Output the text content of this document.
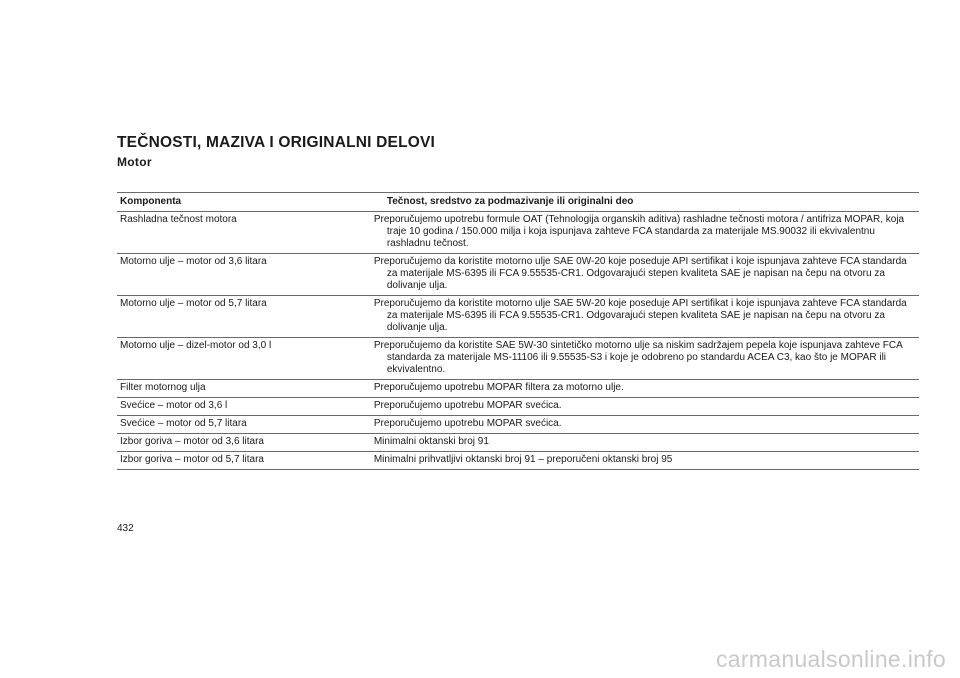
TEČNOSTI, MAZIVA I ORIGINALNI DELOVI
Motor
Komponenta	Tečnost, sredstvo za podmazivanje ili originalni deo
Rashladna tečnost motora	Preporučujemo upotrebu formule OAT (Tehnologija organskih aditiva) rashladne tečnosti motora / antifriza MOPAR, koja traje 10 godina / 150.000 milja i koja ispunjava zahteve FCA standarda za materijale MS.90032 ili ekvivalentnu rashladnu tečnost.
Motorno ulje – motor od 3,6 litara	Preporučujemo da koristite motorno ulje SAE 0W-20 koje poseduje API sertifikat i koje ispunjava zahteve FCA standarda za materijale MS-6395 ili FCA 9.55535-CR1. Odgovarajući stepen kvaliteta SAE je napisan na čepu na otvoru za dolivanje ulja.
Motorno ulje – motor od 5,7 litara	Preporučujemo da koristite motorno ulje SAE 5W-20 koje poseduje API sertifikat i koje ispunjava zahteve FCA standarda za materijale MS-6395 ili FCA 9.55535-CR1. Odgovarajući stepen kvaliteta SAE je napisan na čepu na otvoru za dolivanje ulja.
Motorno ulje – dizel-motor od 3,0 l	Preporučujemo da koristite SAE 5W-30 sintetičko motorno ulje sa niskim sadržajem pepela koje ispunjava zahteve FCA standarda za materijale MS-11106 ili 9.55535-S3 i koje je odobreno po standardu ACEA C3, kao što je MOPAR ili ekvivalentno.
Filter motornog ulja	Preporučujemo upotrebu MOPAR filtera za motorno ulje.
Svećice – motor od 3,6 l	Preporučujemo upotrebu MOPAR svećica.
Svećice – motor od 5,7 litara	Preporučujemo upotrebu MOPAR svećica.
Izbor goriva – motor od 3,6 litara	Minimalni oktanski broj 91
Izbor goriva – motor od 5,7 litara	Minimalni prihvatljivi oktanski broj 91 – preporučeni oktanski broj 95
432
carmanualsonline.info
